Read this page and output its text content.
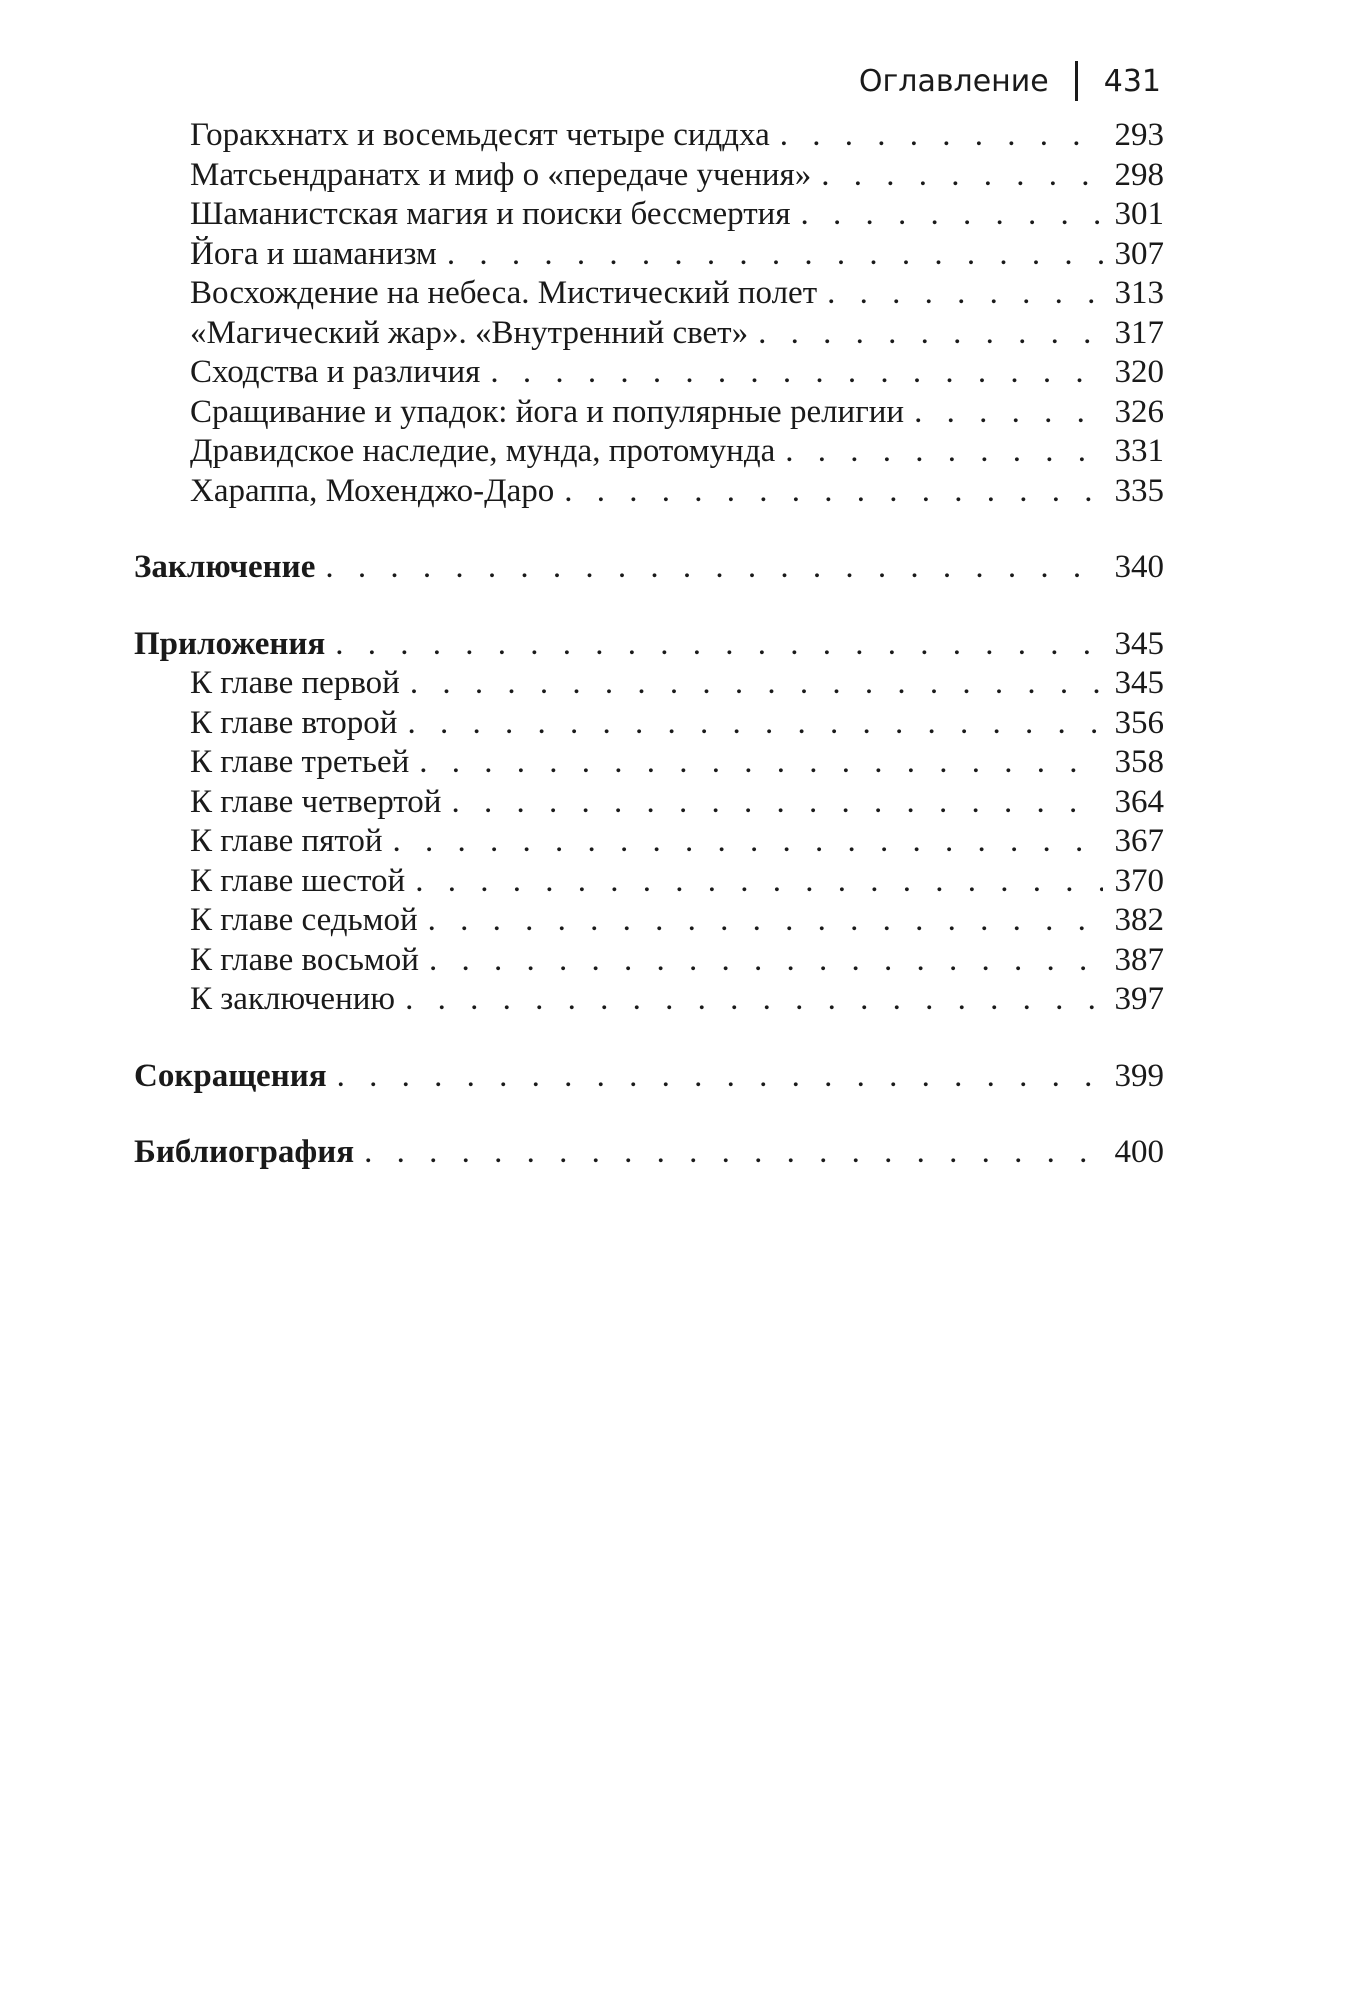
Оглавление 431
Горакхнатх и восемьдесят четыре сиддха . . .	293
Матсьендранатх и миф о «передаче учения» . . .	298
Шаманистская магия и поиски бессмертия . . .	301
Йога и шаманизм . . .	307
Восхождение на небеса. Мистический полет . . .	313
«Магический жар». «Внутренний свет» . . .	317
Сходства и различия . . .	320
Сращивание и упадок: йога и популярные религии . . .	326
Дравидское наследие, мунда, протомунда . . .	331
Хараппа, Мохенджо-Даро . . .	335
Заключение . . .	340
Приложения . . .	345
К главе первой . . .	345
К главе второй . . .	356
К главе третьей . . .	358
К главе четвертой . . .	364
К главе пятой . . .	367
К главе шестой . . .	370
К главе седьмой . . .	382
К главе восьмой . . .	387
К заключению . . .	397
Сокращения . . .	399
Библиография . . .	400
